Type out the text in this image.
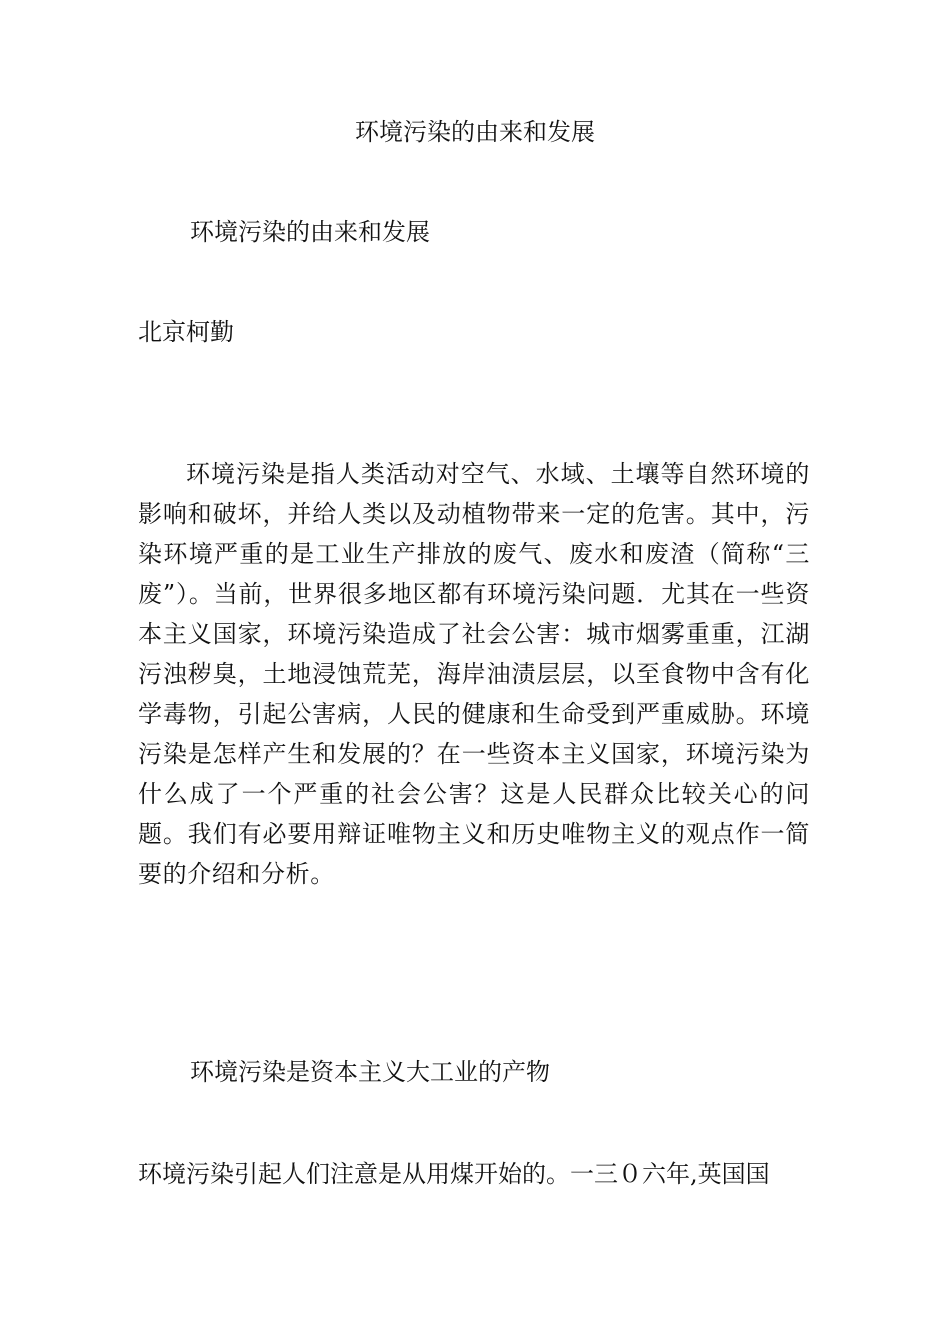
环境污染的由来和发展
环境污染的由来和发展
北京柯勤
环境污染是指人类活动对空气、水域、土壤等自然环境的影响和破坏，并给人类以及动植物带来一定的危害。其中，污染环境严重的是工业生产排放的废气、废水和废渣（简称“三废”）。当前，世界很多地区都有环境污染问题．尤其在一些资本主义国家，环境污染造成了社会公害：城市烟雾重重，江湖污浊秽臭，土地浸蚀荒芜，海岸油渍层层，以至食物中含有化学毒物，引起公害病，人民的健康和生命受到严重威胁。环境污染是怎样产生和发展的？在一些资本主义国家，环境污染为什么成了一个严重的社会公害？这是人民群众比较关心的问题。我们有必要用辩证唯物主义和历史唯物主义的观点作一简要的介绍和分析。
环境污染是资本主义大工业的产物
环境污染引起人们注意是从用煤开始的。一三０六年,英国国
